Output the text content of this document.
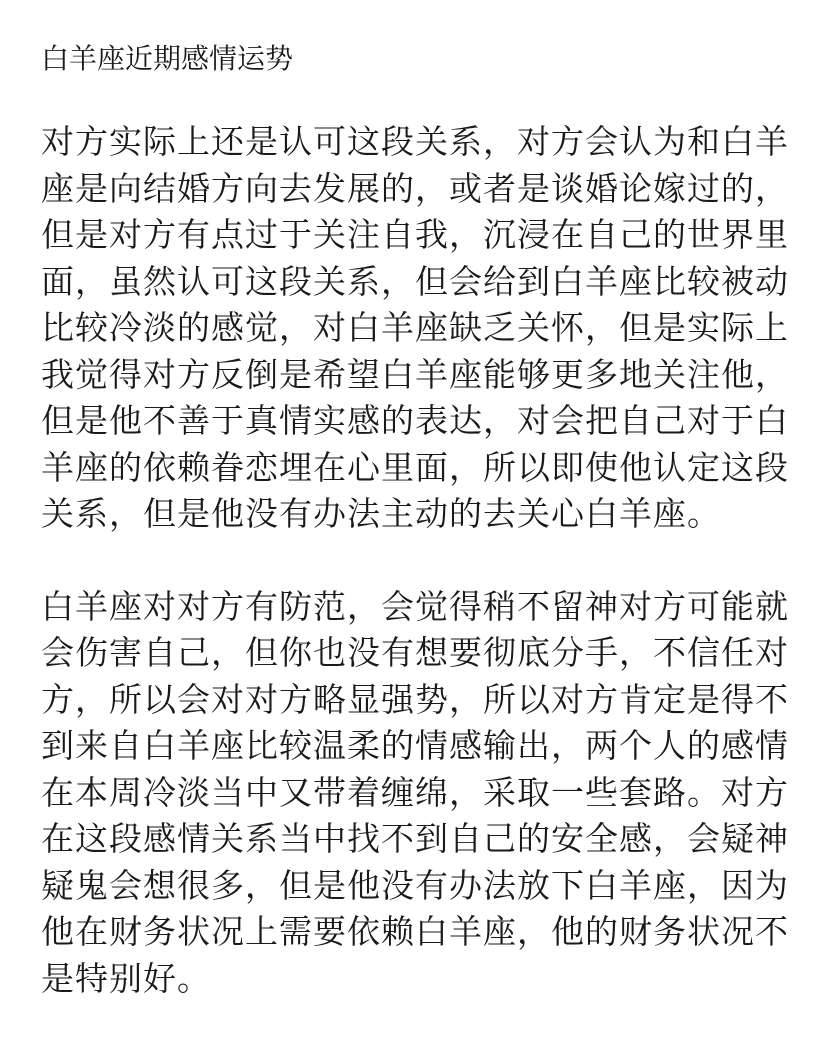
白羊座近期感情运势

对方实际上还是认可这段关系，对方会认为和白羊座是向结婚方向去发展的，或者是谈婚论嫁过的，但是对方有点过于关注自我，沉浸在自己的世界里面，虽然认可这段关系，但会给到白羊座比较被动比较冷淡的感觉，对白羊座缺乏关怀，但是实际上我觉得对方反倒是希望白羊座能够更多地关注他，但是他不善于真情实感的表达，对会把自己对于白羊座的依赖眷恋埋在心里面，所以即使他认定这段关系，但是他没有办法主动的去关心白羊座。

白羊座对对方有防范，会觉得稍不留神对方可能就会伤害自己，但你也没有想要彻底分手，不信任对方，所以会对对方略显强势，所以对方肯定是得不到来自白羊座比较温柔的情感输出，两个人的感情在本周冷淡当中又带着缠绵，采取一些套路。对方在这段感情关系当中找不到自己的安全感，会疑神疑鬼会想很多，但是他没有办法放下白羊座，因为他在财务状况上需要依赖白羊座，他的财务状况不是特别好。
